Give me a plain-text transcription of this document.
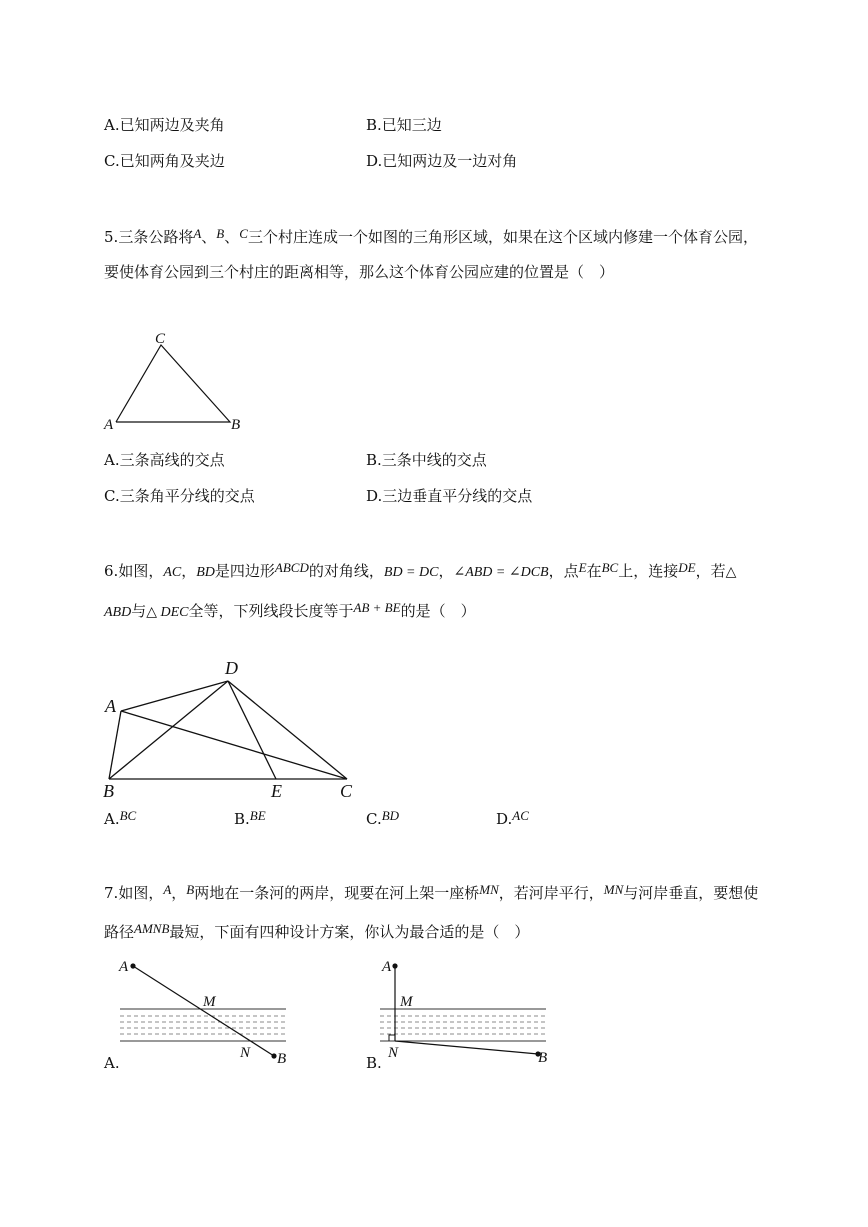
A.已知两边及夹角	B.已知三边
C.已知两角及夹边	D.已知两边及一边对角
5.三条公路将A、B、C三个村庄连成一个如图的三角形区域，如果在这个区域内修建一个体育公园，要使体育公园到三个村庄的距离相等，那么这个体育公园应建的位置是（　）
C
A	B
A.三条高线的交点	B.三条中线的交点
C.三条角平分线的交点	D.三边垂直平分线的交点
6.如图，AC，BD是四边形ABCD的对角线，BD = DC，∠ABD = ∠DCB，点E在BC上，连接DE，若△ ABD与△ DEC全等，下列线段长度等于AB + BE的是（　）
D
A
B	E	C
A.BC	B.BE	C.BD	D.AC
7.如图，A，B两地在一条河的两岸，现要在河上架一座桥MN，若河岸平行，MN与河岸垂直，要想使路径AMNB最短，下面有四种设计方案，你认为最合适的是（　）
A
M
N B
A.
A
M
N	B
B.
